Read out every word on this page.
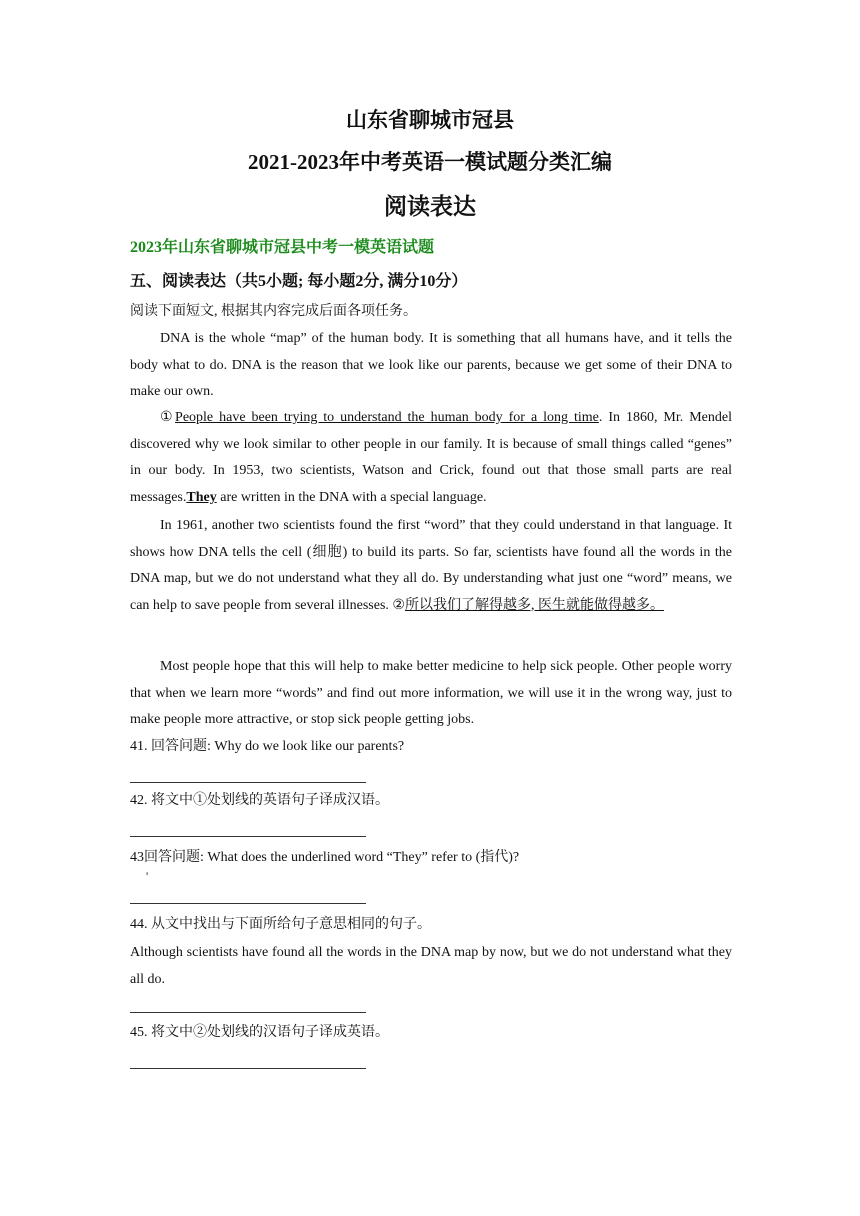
山东省聊城市冠县
2021-2023年中考英语一模试题分类汇编
阅读表达
2023年山东省聊城市冠县中考一模英语试题
五、阅读表达（共5小题; 每小题2分, 满分10分）
阅读下面短文, 根据其内容完成后面各项任务。

DNA is the whole “map” of the human body. It is something that all humans have, and it tells the body what to do. DNA is the reason that we look like our parents, because we get some of their DNA to make our own.

①People have been trying to understand the human body for a long time. In 1860, Mr. Mendel discovered why we look similar to other people in our family. It is because of small things called “genes” in our body. In 1953, two scientists, Watson and Crick, found out that those small parts are real messages.They are written in the DNA with a special language.

In 1961, another two scientists found the first “word” that they could understand in that language. It shows how DNA tells the cell (细胞) to build its parts. So far, scientists have found all the words in the DNA map, but we do not understand what they all do. By understanding what just one “word” means, we can help to save people from several illnesses. ②所以我们了解得越多, 医生就能做得越多。

Most people hope that this will help to make better medicine to help sick people. Other people worry that when we learn more “words” and find out more information, we will use it in the wrong way, just to make people more attractive, or stop sick people getting jobs.

41. 回答问题: Why do we look like our parents?
42. 将文中①处划线的英语句子译成汉语。
43回答问题: What does the underlined word “They” refer to (指代)?
'
44. 从文中找出与下面所给句子意思相同的句子。
Although scientists have found all the words in the DNA map by now, but we do not understand what they all do.
45. 将文中②处划线的汉语句子译成英语。
